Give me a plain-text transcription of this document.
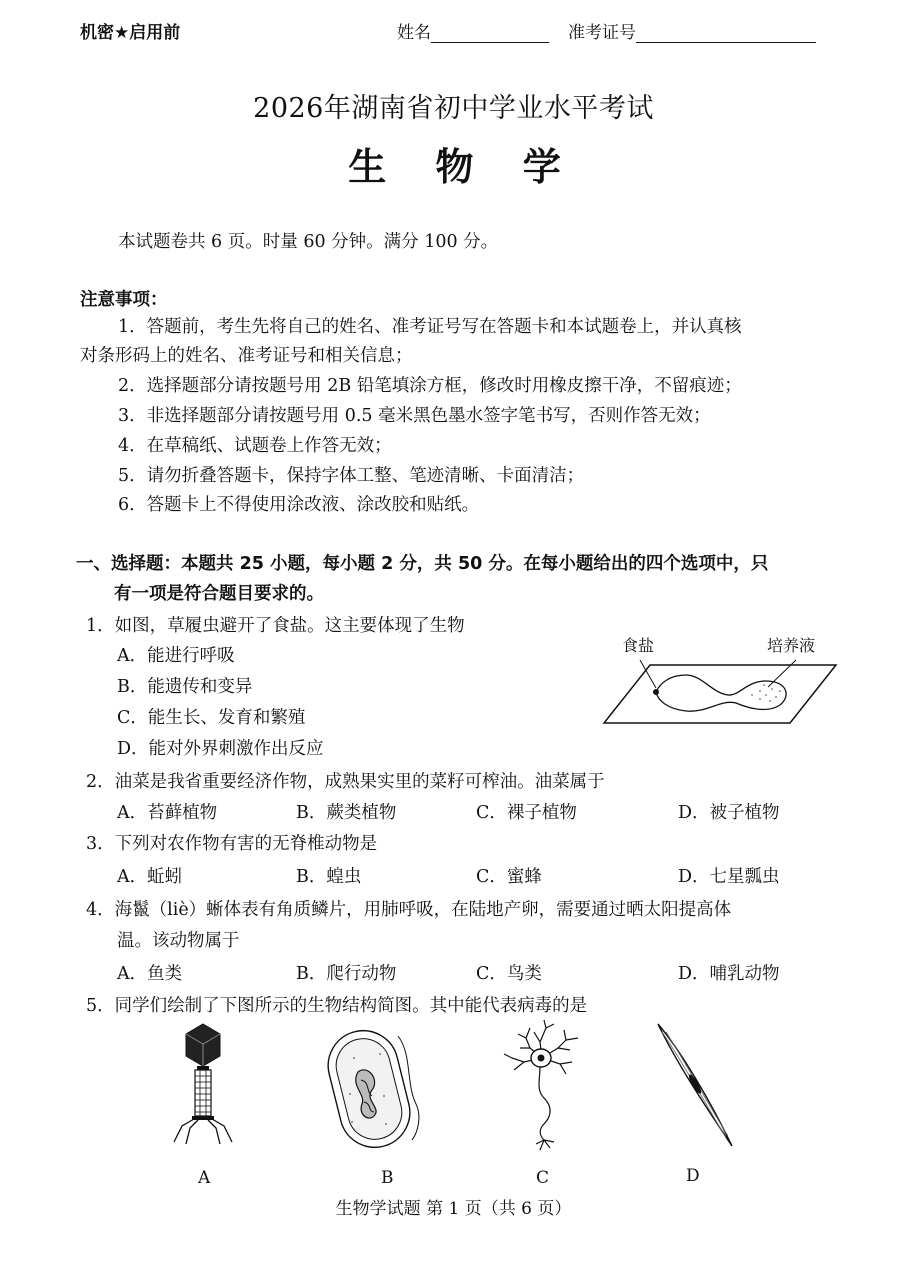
机密★启用前	姓名	准考证号
2026年湖南省初中学业水平考试
生 物 学
本试题卷共 6 页。时量 60 分钟。满分 100 分。
注意事项：
1．答题前，考生先将自己的姓名、准考证号写在答题卡和本试题卷上，并认真核
对条形码上的姓名、准考证号和相关信息；
2．选择题部分请按题号用 2B 铅笔填涂方框，修改时用橡皮擦干净，不留痕迹；
3．非选择题部分请按题号用 0.5 毫米黑色墨水签字笔书写，否则作答无效；
4．在草稿纸、试题卷上作答无效；
5．请勿折叠答题卡，保持字体工整、笔迹清晰、卡面清洁；
6．答题卡上不得使用涂改液、涂改胶和贴纸。
一、选择题：本题共 25 小题，每小题 2 分，共 50 分。在每小题给出的四个选项中，只
有一项是符合题目要求的。
1．如图，草履虫避开了食盐。这主要体现了生物
A．能进行呼吸
B．能遗传和变异
C．能生长、发育和繁殖
D．能对外界刺激作出反应
食盐	培养液
2．油菜是我省重要经济作物，成熟果实里的菜籽可榨油。油菜属于
A．苔藓植物	B．蕨类植物	C．裸子植物	D．被子植物
3．下列对农作物有害的无脊椎动物是
A．蚯蚓	B．蝗虫	C．蜜蜂	D．七星瓢虫
4．海鬣（liè）蜥体表有角质鳞片，用肺呼吸，在陆地产卵，需要通过晒太阳提高体
温。该动物属于
A．鱼类	B．爬行动物	C．鸟类	D．哺乳动物
5．同学们绘制了下图所示的生物结构简图。其中能代表病毒的是
A	B	C	D
生物学试题 第 1 页（共 6 页）
